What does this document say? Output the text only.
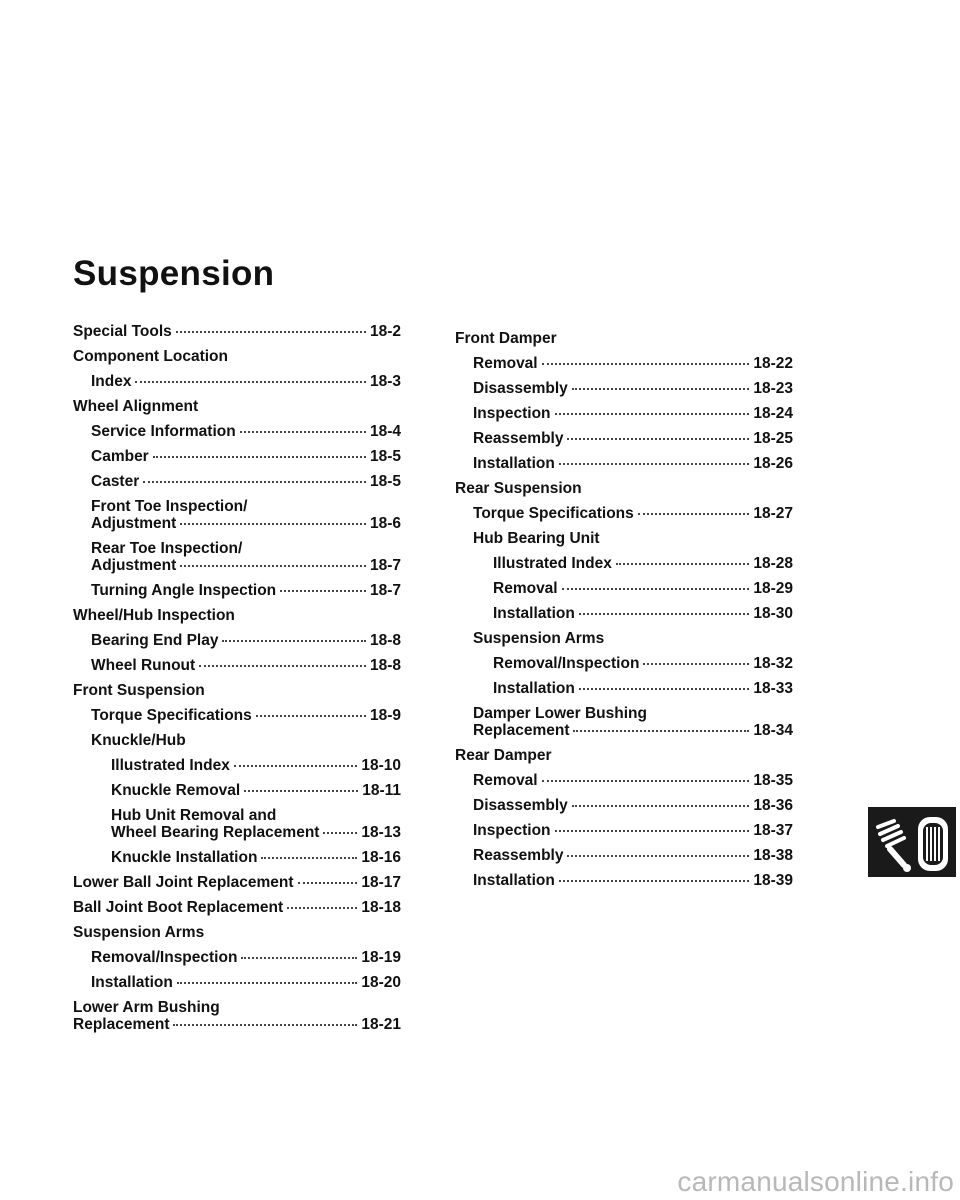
Suspension
Special Tools	18-2
Component Location
Index	18-3
Wheel Alignment
Service Information	18-4
Camber	18-5
Caster	18-5
Front Toe Inspection/
Adjustment	18-6
Rear Toe Inspection/
Adjustment	18-7
Turning Angle Inspection	18-7
Wheel/Hub Inspection
Bearing End Play	18-8
Wheel Runout	18-8
Front Suspension
Torque Specifications	18-9
Knuckle/Hub
Illustrated Index	18-10
Knuckle Removal	18-11
Hub Unit Removal and
Wheel Bearing Replacement	18-13
Knuckle Installation	18-16
Lower Ball Joint Replacement	18-17
Ball Joint Boot Replacement	18-18
Suspension Arms
Removal/Inspection	18-19
Installation	18-20
Lower Arm Bushing
Replacement	18-21
Front Damper
Removal	18-22
Disassembly	18-23
Inspection	18-24
Reassembly	18-25
Installation	18-26
Rear Suspension
Torque Specifications	18-27
Hub Bearing Unit
Illustrated Index	18-28
Removal	18-29
Installation	18-30
Suspension Arms
Removal/Inspection	18-32
Installation	18-33
Damper Lower Bushing
Replacement	18-34
Rear Damper
Removal	18-35
Disassembly	18-36
Inspection	18-37
Reassembly	18-38
Installation	18-39
carmanualsonline.info
